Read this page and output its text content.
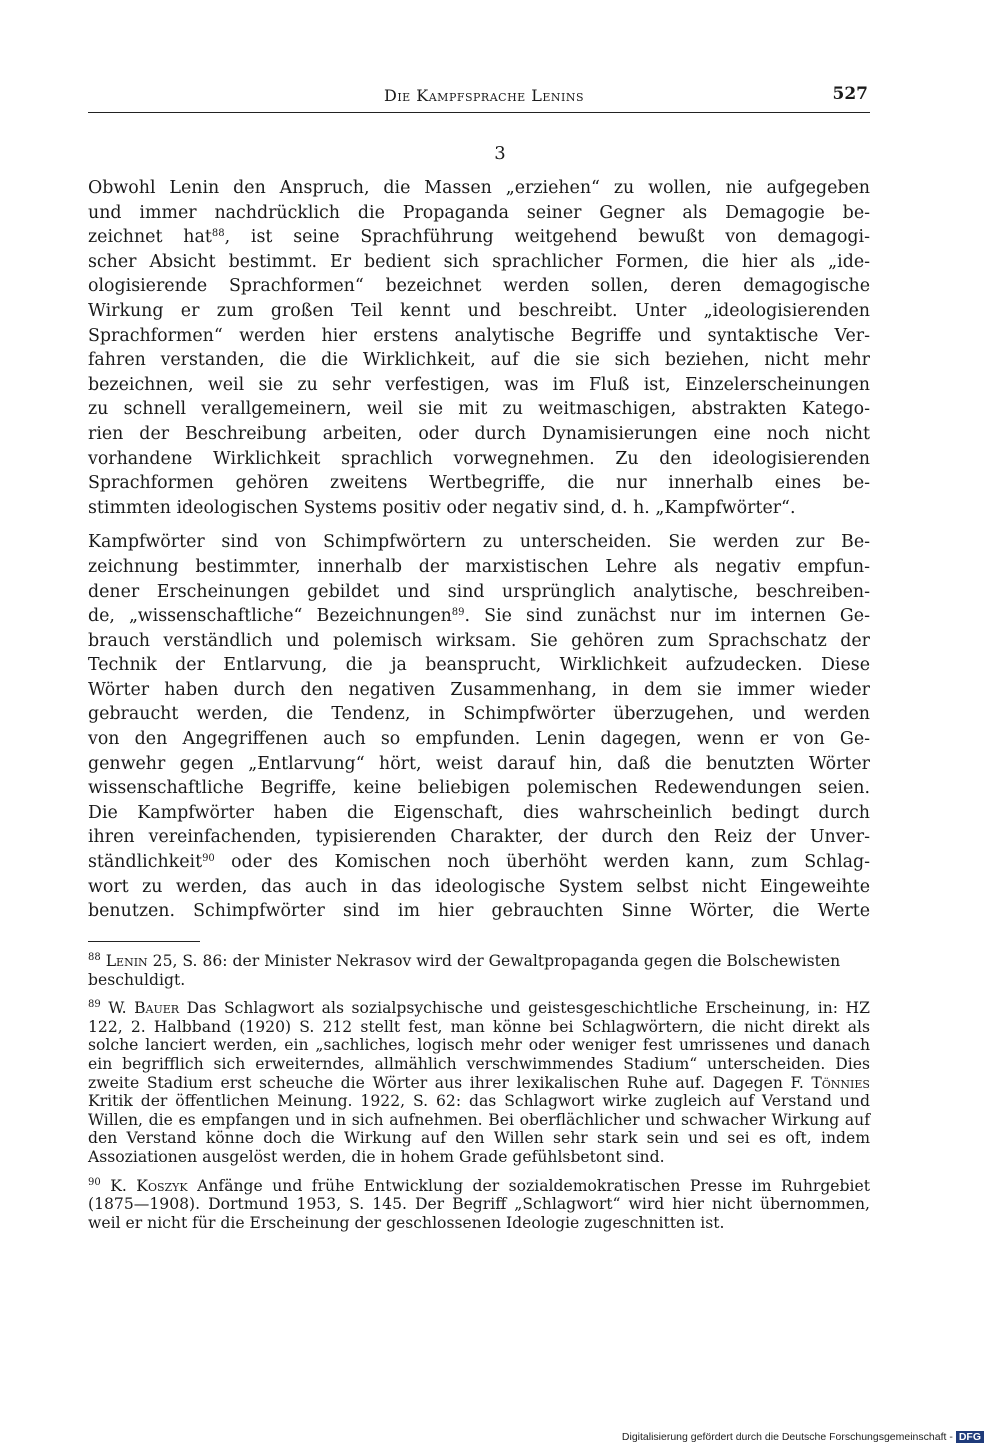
Die Kampfsprache Lenins	527
3

Obwohl Lenin den Anspruch, die Massen „erziehen“ zu wollen, nie aufgegeben
und immer nachdrücklich die Propaganda seiner Gegner als Demagogie be-
zeichnet hat$^{88}$, ist seine Sprachführung weitgehend bewußt von demagogi-
scher Absicht bestimmt. Er bedient sich sprachlicher Formen, die hier als „ide-
ologisierende Sprachformen“ bezeichnet werden sollen, deren demagogische
Wirkung er zum großen Teil kennt und beschreibt. Unter „ideologisierenden
Sprachformen“ werden hier erstens analytische Begriffe und syntaktische Ver-
fahren verstanden, die die Wirklichkeit, auf die sie sich beziehen, nicht mehr
bezeichnen, weil sie zu sehr verfestigen, was im Fluß ist, Einzelerscheinungen
zu schnell verallgemeinern, weil sie mit zu weitmaschigen, abstrakten Katego-
rien der Beschreibung arbeiten, oder durch Dynamisierungen eine noch nicht
vorhandene Wirklichkeit sprachlich vorwegnehmen. Zu den ideologisierenden
Sprachformen gehören zweitens Wertbegriffe, die nur innerhalb eines be-
stimmten ideologischen Systems positiv oder negativ sind, d. h. „Kampfwörter“.

Kampfwörter sind von Schimpfwörtern zu unterscheiden. Sie werden zur Be-
zeichnung bestimmter, innerhalb der marxistischen Lehre als negativ empfun-
dener Erscheinungen gebildet und sind ursprünglich analytische, beschreiben-
de, „wissenschaftliche“ Bezeichnungen$^{89}$. Sie sind zunächst nur im internen Ge-
brauch verständlich und polemisch wirksam. Sie gehören zum Sprachschatz der
Technik der Entlarvung, die ja beansprucht, Wirklichkeit aufzudecken. Diese
Wörter haben durch den negativen Zusammenhang, in dem sie immer wieder
gebraucht werden, die Tendenz, in Schimpfwörter überzugehen, und werden
von den Angegriffenen auch so empfunden. Lenin dagegen, wenn er von Ge-
genwehr gegen „Entlarvung“ hört, weist darauf hin, daß die benutzten Wörter
wissenschaftliche Begriffe, keine beliebigen polemischen Redewendungen seien.
Die Kampfwörter haben die Eigenschaft, dies wahrscheinlich bedingt durch
ihren vereinfachenden, typisierenden Charakter, der durch den Reiz der Unver-
ständlichkeit$^{90}$ oder des Komischen noch überhöht werden kann, zum Schlag-
wort zu werden, das auch in das ideologische System selbst nicht Eingeweihte
benutzen. Schimpfwörter sind im hier gebrauchten Sinne Wörter, die Werte

$^{88}$ Lenin 25, S. 86: der Minister Nekrasov wird der Gewaltpropaganda gegen die Bolschewisten beschuldigt.
$^{89}$ W. Bauer Das Schlagwort als sozialpsychische und geistesgeschichtliche Erscheinung, in: HZ 122, 2. Halbband (1920) S. 212 stellt fest, man könne bei Schlagwörtern, die nicht direkt als solche lanciert werden, ein „sachliches, logisch mehr oder weniger fest umrissenes und danach ein begrifflich sich erweiterndes, allmählich verschwimmendes Stadium“ unterscheiden. Dies zweite Stadium erst scheuche die Wörter aus ihrer lexikalischen Ruhe auf. Dagegen F. Tönnies Kritik der öffentlichen Meinung. 1922, S. 62: das Schlagwort wirke zugleich auf Verstand und Willen, die es empfangen und in sich aufnehmen. Bei oberflächlicher und schwacher Wirkung auf den Verstand könne doch die Wirkung auf den Willen sehr stark sein und sei es oft, indem Assoziationen ausgelöst werden, die in hohem Grade gefühlsbetont sind.
$^{90}$ K. Koszyk Anfänge und frühe Entwicklung der sozialdemokratischen Presse im Ruhrgebiet (1875—1908). Dortmund 1953, S. 145. Der Begriff „Schlagwort“ wird hier nicht übernommen, weil er nicht für die Erscheinung der geschlossenen Ideologie zugeschnitten ist.
Digitalisierung gefördert durch die Deutsche Forschungsgemeinschaft - DFG
